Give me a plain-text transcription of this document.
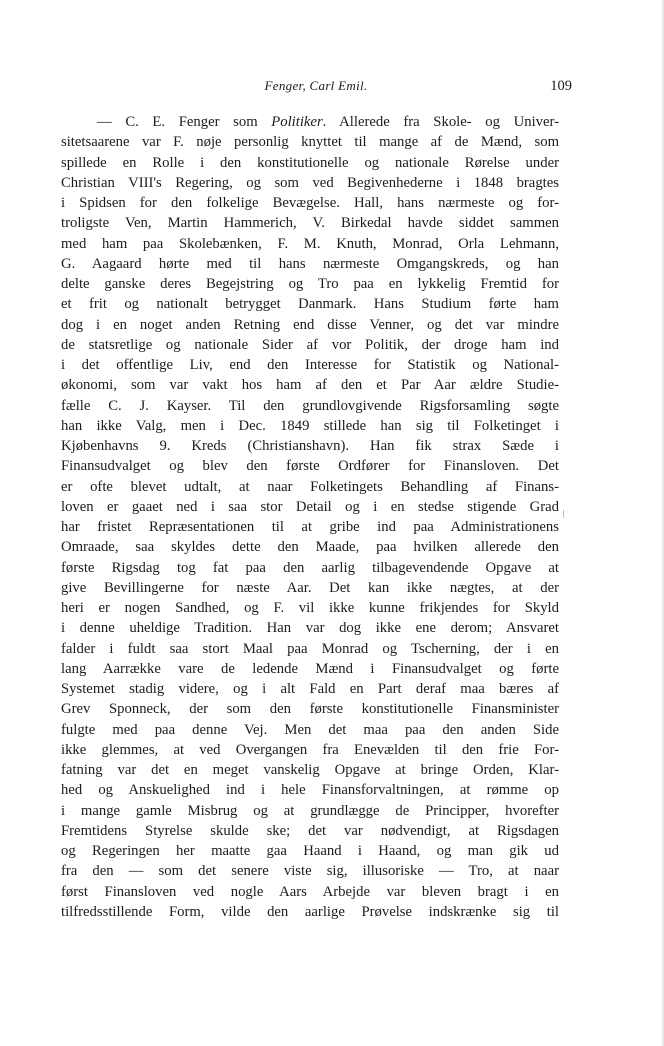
Fenger, Carl Emil.	109
— C. E. Fenger som Politiker. Allerede fra Skole- og Univer-
sitetsaarene var F. nøje personlig knyttet til mange af de Mænd, som
spillede en Rolle i den konstitutionelle og nationale Rørelse under
Christian VIII's Regering, og som ved Begivenhederne i 1848 bragtes
i Spidsen for den folkelige Bevægelse. Hall, hans nærmeste og for-
troligste Ven, Martin Hammerich, V. Birkedal havde siddet sammen
med ham paa Skolebænken, F. M. Knuth, Monrad, Orla Lehmann,
G. Aagaard hørte med til hans nærmeste Omgangskreds, og han
delte ganske deres Begejstring og Tro paa en lykkelig Fremtid for
et frit og nationalt betrygget Danmark. Hans Studium førte ham
dog i en noget anden Retning end disse Venner, og det var mindre
de statsretlige og nationale Sider af vor Politik, der droge ham ind
i det offentlige Liv, end den Interesse for Statistik og National-
økonomi, som var vakt hos ham af den et Par Aar ældre Studie-
fælle C. J. Kayser. Til den grundlovgivende Rigsforsamling søgte
han ikke Valg, men i Dec. 1849 stillede han sig til Folketinget i
Kjøbenhavns 9. Kreds (Christianshavn). Han fik strax Sæde i
Finansudvalget og blev den første Ordfører for Finansloven. Det
er ofte blevet udtalt, at naar Folketingets Behandling af Finans-
loven er gaaet ned i saa stor Detail og i en stedse stigende Grad
har fristet Repræsentationen til at gribe ind paa Administrationens
Omraade, saa skyldes dette den Maade, paa hvilken allerede den
første Rigsdag tog fat paa den aarlig tilbagevendende Opgave at
give Bevillingerne for næste Aar. Det kan ikke nægtes, at der
heri er nogen Sandhed, og F. vil ikke kunne frikjendes for Skyld
i denne uheldige Tradition. Han var dog ikke ene derom; Ansvaret
falder i fuldt saa stort Maal paa Monrad og Tscherning, der i en
lang Aarrække vare de ledende Mænd i Finansudvalget og førte
Systemet stadig videre, og i alt Fald en Part deraf maa bæres af
Grev Sponneck, der som den første konstitutionelle Finansminister
fulgte med paa denne Vej. Men det maa paa den anden Side
ikke glemmes, at ved Overgangen fra Enevælden til den frie For-
fatning var det en meget vanskelig Opgave at bringe Orden, Klar-
hed og Anskuelighed ind i hele Finansforvaltningen, at rømme op
i mange gamle Misbrug og at grundlægge de Principper, hvorefter
Fremtidens Styrelse skulde ske; det var nødvendigt, at Rigsdagen
og Regeringen her maatte gaa Haand i Haand, og man gik ud
fra den — som det senere viste sig, illusoriske — Tro, at naar
først Finansloven ved nogle Aars Arbejde var bleven bragt i en
tilfredsstillende Form, vilde den aarlige Prøvelse indskrænke sig til
